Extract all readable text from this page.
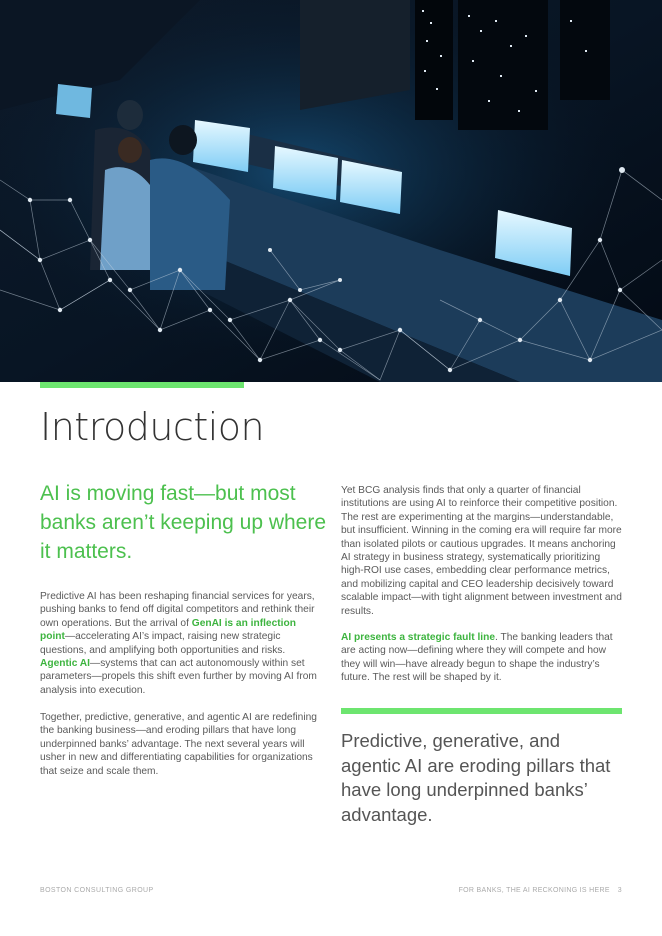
Introduction
AI is moving fast—but most banks aren’t keeping up where it matters.

Predictive AI has been reshaping financial services for years, pushing banks to fend off digital competitors and rethink their own operations. But the arrival of GenAI is an inflection point—accelerating AI’s impact, raising new strategic questions, and amplifying both opportunities and risks. Agentic AI—systems that can act autonomously within set parameters—propels this shift even further by moving AI from analysis into execution.

Together, predictive, generative, and agentic AI are redefining the banking business—and eroding pillars that have long underpinned banks’ advantage. The next several years will usher in new and differentiating capabilities for organizations that seize and scale them.

Yet BCG analysis finds that only a quarter of financial institutions are using AI to reinforce their competitive position. The rest are experimenting at the margins—understandable, but insufficient. Winning in the coming era will require far more than isolated pilots or cautious upgrades. It means anchoring AI strategy in business strategy, systematically prioritizing high-ROI use cases, embedding clear performance metrics, and mobilizing capital and CEO leadership decisively toward scalable impact—with tight alignment between investment and results.

AI presents a strategic fault line. The banking leaders that are acting now—defining where they will compete and how they will win—have already begun to shape the industry’s future. The rest will be shaped by it.

Predictive, generative, and agentic AI are eroding pillars that have long underpinned banks’ advantage.

BOSTON CONSULTING GROUP	FOR BANKS, THE AI RECKONING IS HERE 3
